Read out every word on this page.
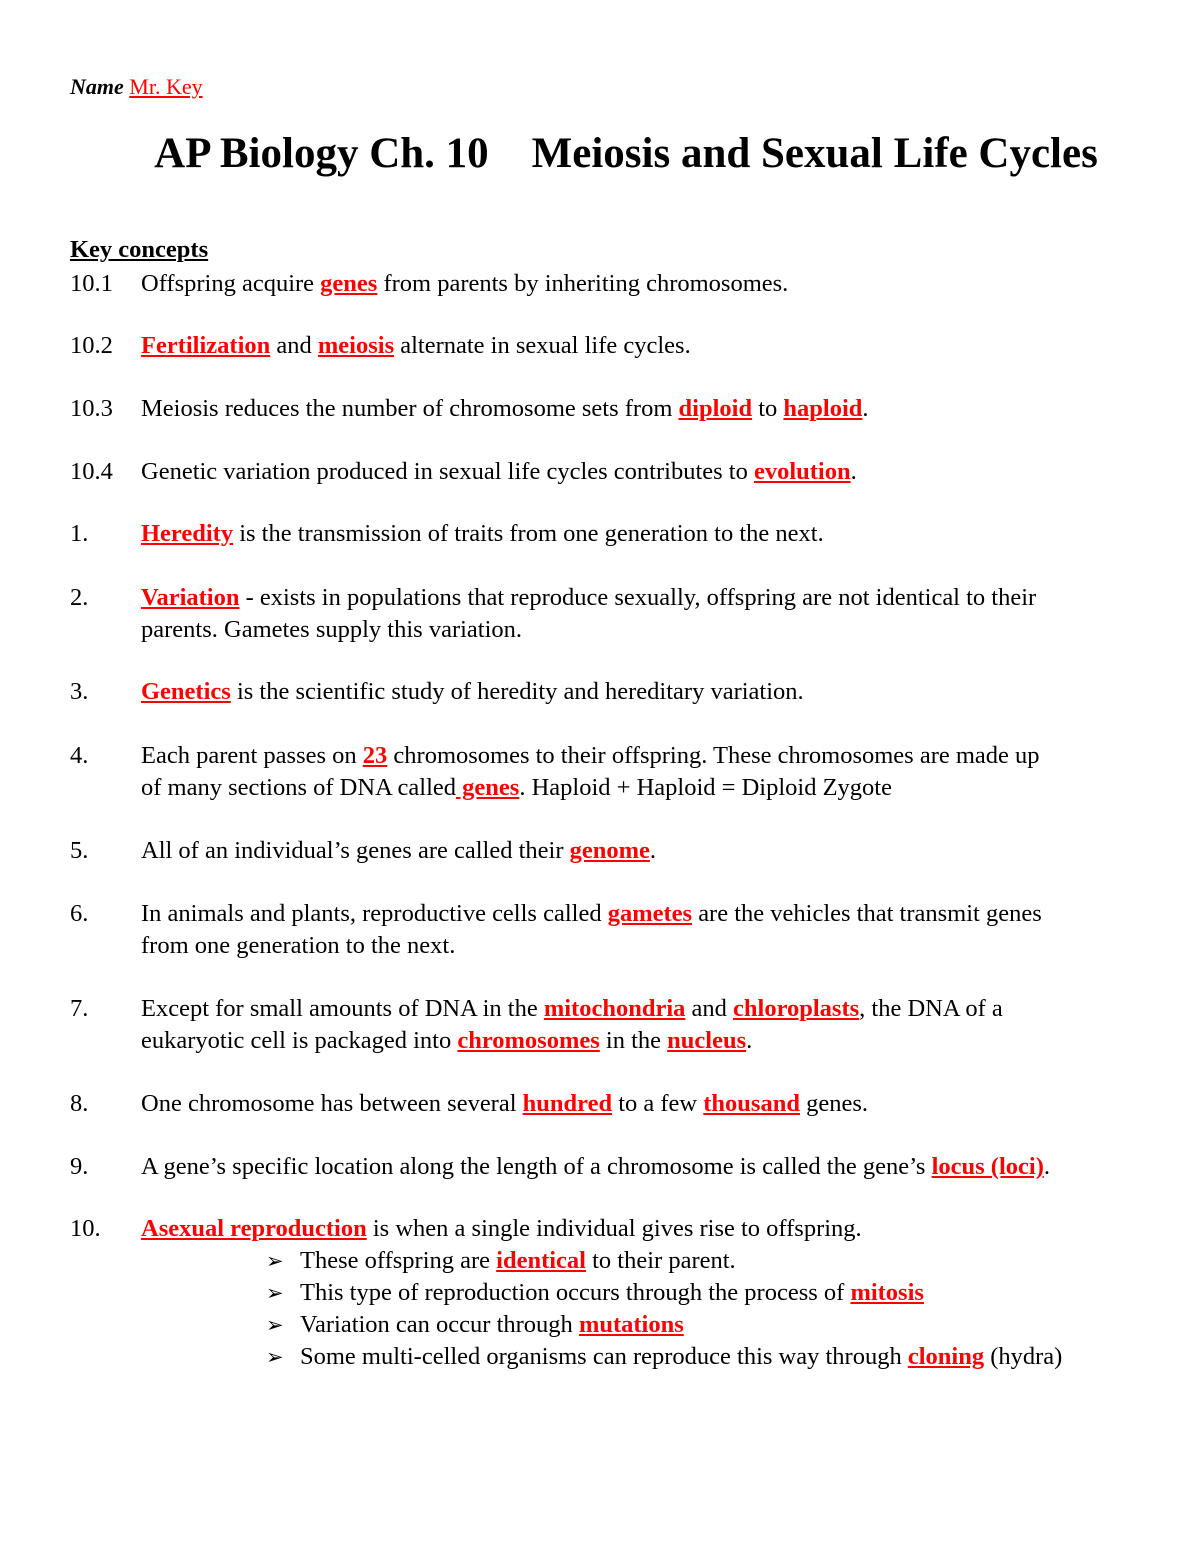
Name Mr. Key
AP Biology Ch. 10    Meiosis and Sexual Life Cycles
Key concepts
10.1 Offspring acquire genes from parents by inheriting chromosomes.
10.2 Fertilization and meiosis alternate in sexual life cycles.
10.3 Meiosis reduces the number of chromosome sets from diploid to haploid.
10.4 Genetic variation produced in sexual life cycles contributes to evolution.
1. Heredity is the transmission of traits from one generation to the next.
2. Variation - exists in populations that reproduce sexually, offspring are not identical to their
parents. Gametes supply this variation.
3. Genetics is the scientific study of heredity and hereditary variation.
4. Each parent passes on 23 chromosomes to their offspring. These chromosomes are made up
of many sections of DNA called genes. Haploid + Haploid = Diploid Zygote
5. All of an individual’s genes are called their genome.
6. In animals and plants, reproductive cells called gametes are the vehicles that transmit genes
from one generation to the next.
7. Except for small amounts of DNA in the mitochondria and chloroplasts, the DNA of a
eukaryotic cell is packaged into chromosomes in the nucleus.
8. One chromosome has between several hundred to a few thousand genes.
9. A gene’s specific location along the length of a chromosome is called the gene’s locus (loci).
10. Asexual reproduction is when a single individual gives rise to offspring.
➢ These offspring are identical to their parent.
➢ This type of reproduction occurs through the process of mitosis
➢ Variation can occur through mutations
➢ Some multi-celled organisms can reproduce this way through cloning (hydra)
